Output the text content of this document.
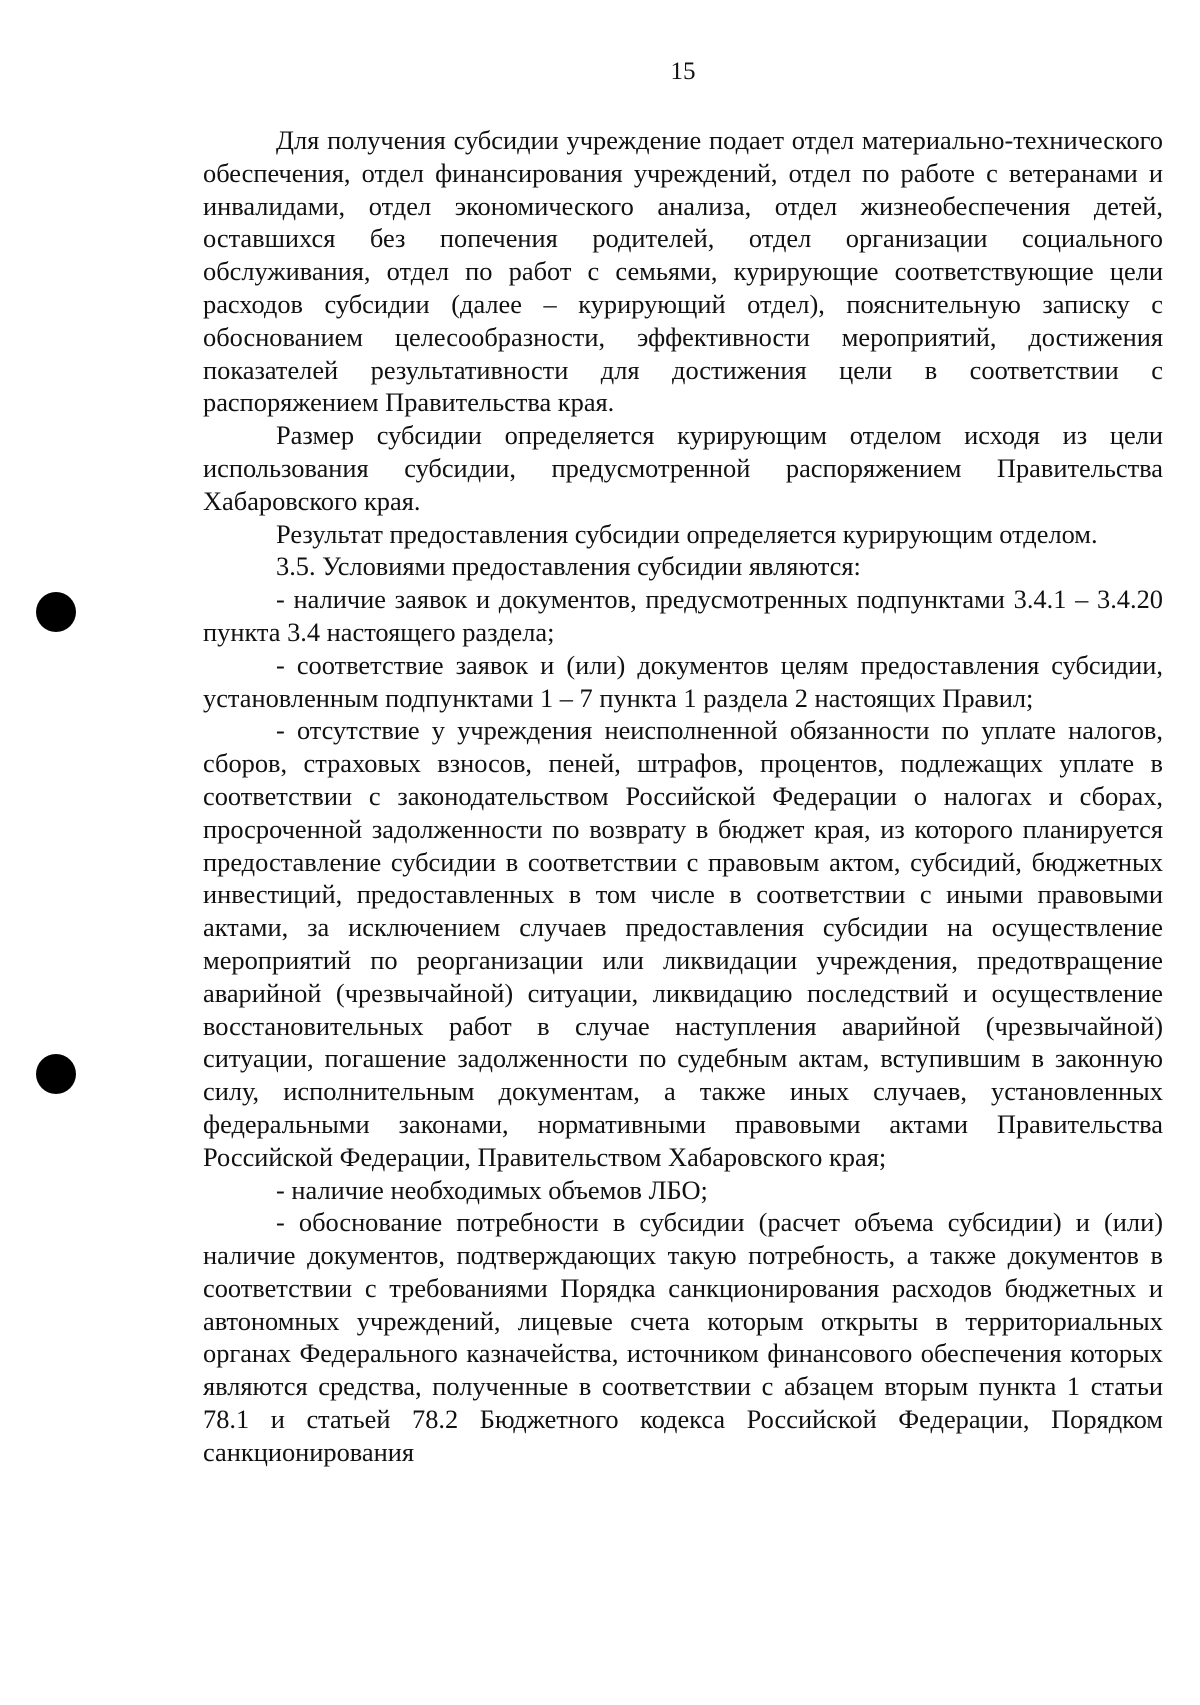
15

Для получения субсидии учреждение подает отдел материально-технического обеспечения, отдел финансирования учреждений, отдел по работе с ветеранами и инвалидами, отдел экономического анализа, отдел жизнеобеспечения детей, оставшихся без попечения родителей, отдел организации социального обслуживания, отдел по работ с семьями, курирующие соответствующие цели расходов субсидии (далее – курирующий отдел), пояснительную записку с обоснованием целесообразности, эффективности мероприятий, достижения показателей результативности для достижения цели в соответствии с распоряжением Правительства края.

Размер субсидии определяется курирующим отделом исходя из цели использования субсидии, предусмотренной распоряжением Правительства Хабаровского края.

Результат предоставления субсидии определяется курирующим отделом.

3.5. Условиями предоставления субсидии являются:

- наличие заявок и документов, предусмотренных подпунктами 3.4.1 – 3.4.20 пункта 3.4 настоящего раздела;

- соответствие заявок и (или) документов целям предоставления субсидии, установленным подпунктами 1 – 7 пункта 1 раздела 2 настоящих Правил;

- отсутствие у учреждения неисполненной обязанности по уплате налогов, сборов, страховых взносов, пеней, штрафов, процентов, подлежащих уплате в соответствии с законодательством Российской Федерации о налогах и сборах, просроченной задолженности по возврату в бюджет края, из которого планируется предоставление субсидии в соответствии с правовым актом, субсидий, бюджетных инвестиций, предоставленных в том числе в соответствии с иными правовыми актами, за исключением случаев предоставления субсидии на осуществление мероприятий по реорганизации или ликвидации учреждения, предотвращение аварийной (чрезвычайной) ситуации, ликвидацию последствий и осуществление восстановительных работ в случае наступления аварийной (чрезвычайной) ситуации, погашение задолженности по судебным актам, вступившим в законную силу, исполнительным документам, а также иных случаев, установленных федеральными законами, нормативными правовыми актами Правительства Российской Федерации, Правительством Хабаровского края;

- наличие необходимых объемов ЛБО;

- обоснование потребности в субсидии (расчет объема субсидии) и (или) наличие документов, подтверждающих такую потребность, а также документов в соответствии с требованиями Порядка санкционирования расходов бюджетных и автономных учреждений, лицевые счета которым открыты в территориальных органах Федерального казначейства, источником финансового обеспечения которых являются средства, полученные в соответствии с абзацем вторым пункта 1 статьи 78.1 и статьей 78.2 Бюджетного кодекса Российской Федерации, Порядком санкционирования
